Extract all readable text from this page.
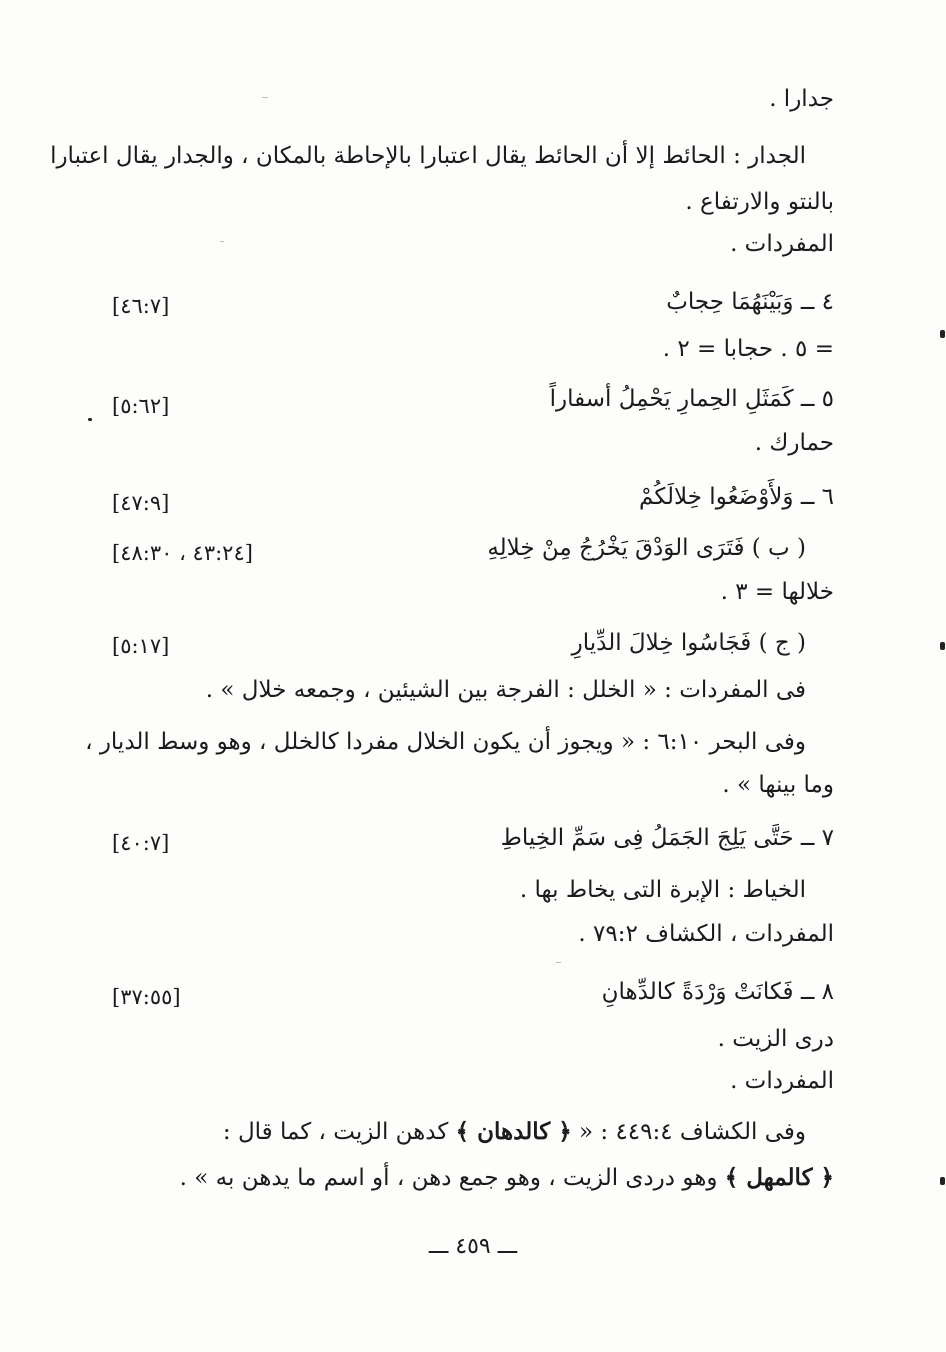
جدارا .
الجدار : الحائط إلا أن الحائط يقال اعتبارا بالإحاطة بالمكان ، والجدار يقال اعتبارا
بالنتو والارتفاع .
المفردات .
٤ ــ وَبَيْنَهُمَا حِجابٌ
[٤٦:٧]
= ٥ . حجابا = ٢ .
٥ ــ كَمَثَلِ الحِمارِ يَحْمِلُ أسفاراً
[٥:٦٢]
حمارك .
٦ ــ وَلأَوْضَعُوا خِلالَكُمْ
[٤٧:٩]
( ب ) فَتَرَى الوَدْقَ يَخْرُجُ مِنْ خِلالِهِ
[٤٣:٢٤ ، ٤٨:٣٠]
خلالها = ٣ .
( ج ) فَجَاسُوا خِلالَ الدِّيارِ
[٥:١٧]
فى المفردات : « الخلل : الفرجة بين الشيئين ، وجمعه خلال » .
وفى البحر ٦:١٠ : « ويجوز أن يكون الخلال مفردا كالخلل ، وهو وسط الديار ،
وما بينها » .
٧ ــ حَتَّى يَلِجَ الجَمَلُ فِى سَمِّ الخِياطِ
[٤٠:٧]
الخياط : الإبرة التى يخاط بها .
المفردات ، الكشاف ٧٩:٢ .
٨ ــ فَكانَتْ وَرْدَةً كالدِّهانِ
[٣٧:٥٥]
درى الزيت .
المفردات .
وفى الكشاف ٤٤٩:٤ : « ﴿ كالدهان ﴾ كدهن الزيت ، كما قال :
﴿ كالمهل ﴾ وهو دردى الزيت ، وهو جمع دهن ، أو اسم ما يدهن به » .
ـــ ٤٥٩ ـــ
